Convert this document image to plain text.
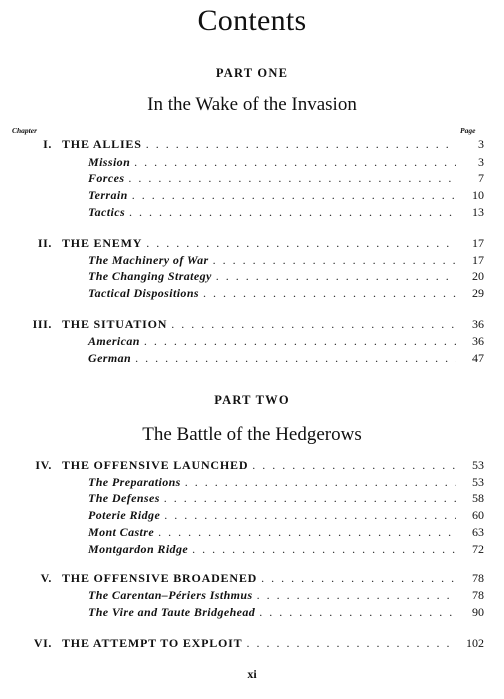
Contents
PART ONE
In the Wake of the Invasion
Chapter	Page
PART TWO
The Battle of the Hedgerows
I. THE ALLIES . . .	3
Mission . . .	3
Forces . . .	7
Terrain . . .	10
Tactics . . .	13
II. THE ENEMY . . .	17
The Machinery of War . . .	17
The Changing Strategy . . .	20
Tactical Dispositions . . .	29
III. THE SITUATION . . .	36
American . . .	36
German . . .	47
IV. THE OFFENSIVE LAUNCHED . . .	53
The Preparations . . .	53
The Defenses . . .	58
Poterie Ridge . . .	60
Mont Castre . . .	63
Montgardon Ridge . . .	72
V. THE OFFENSIVE BROADENED . . .	78
The Carentan–Périers Isthmus . . .	78
The Vire and Taute Bridgehead . . .	90
VI. THE ATTEMPT TO EXPLOIT . . .	102
xi
